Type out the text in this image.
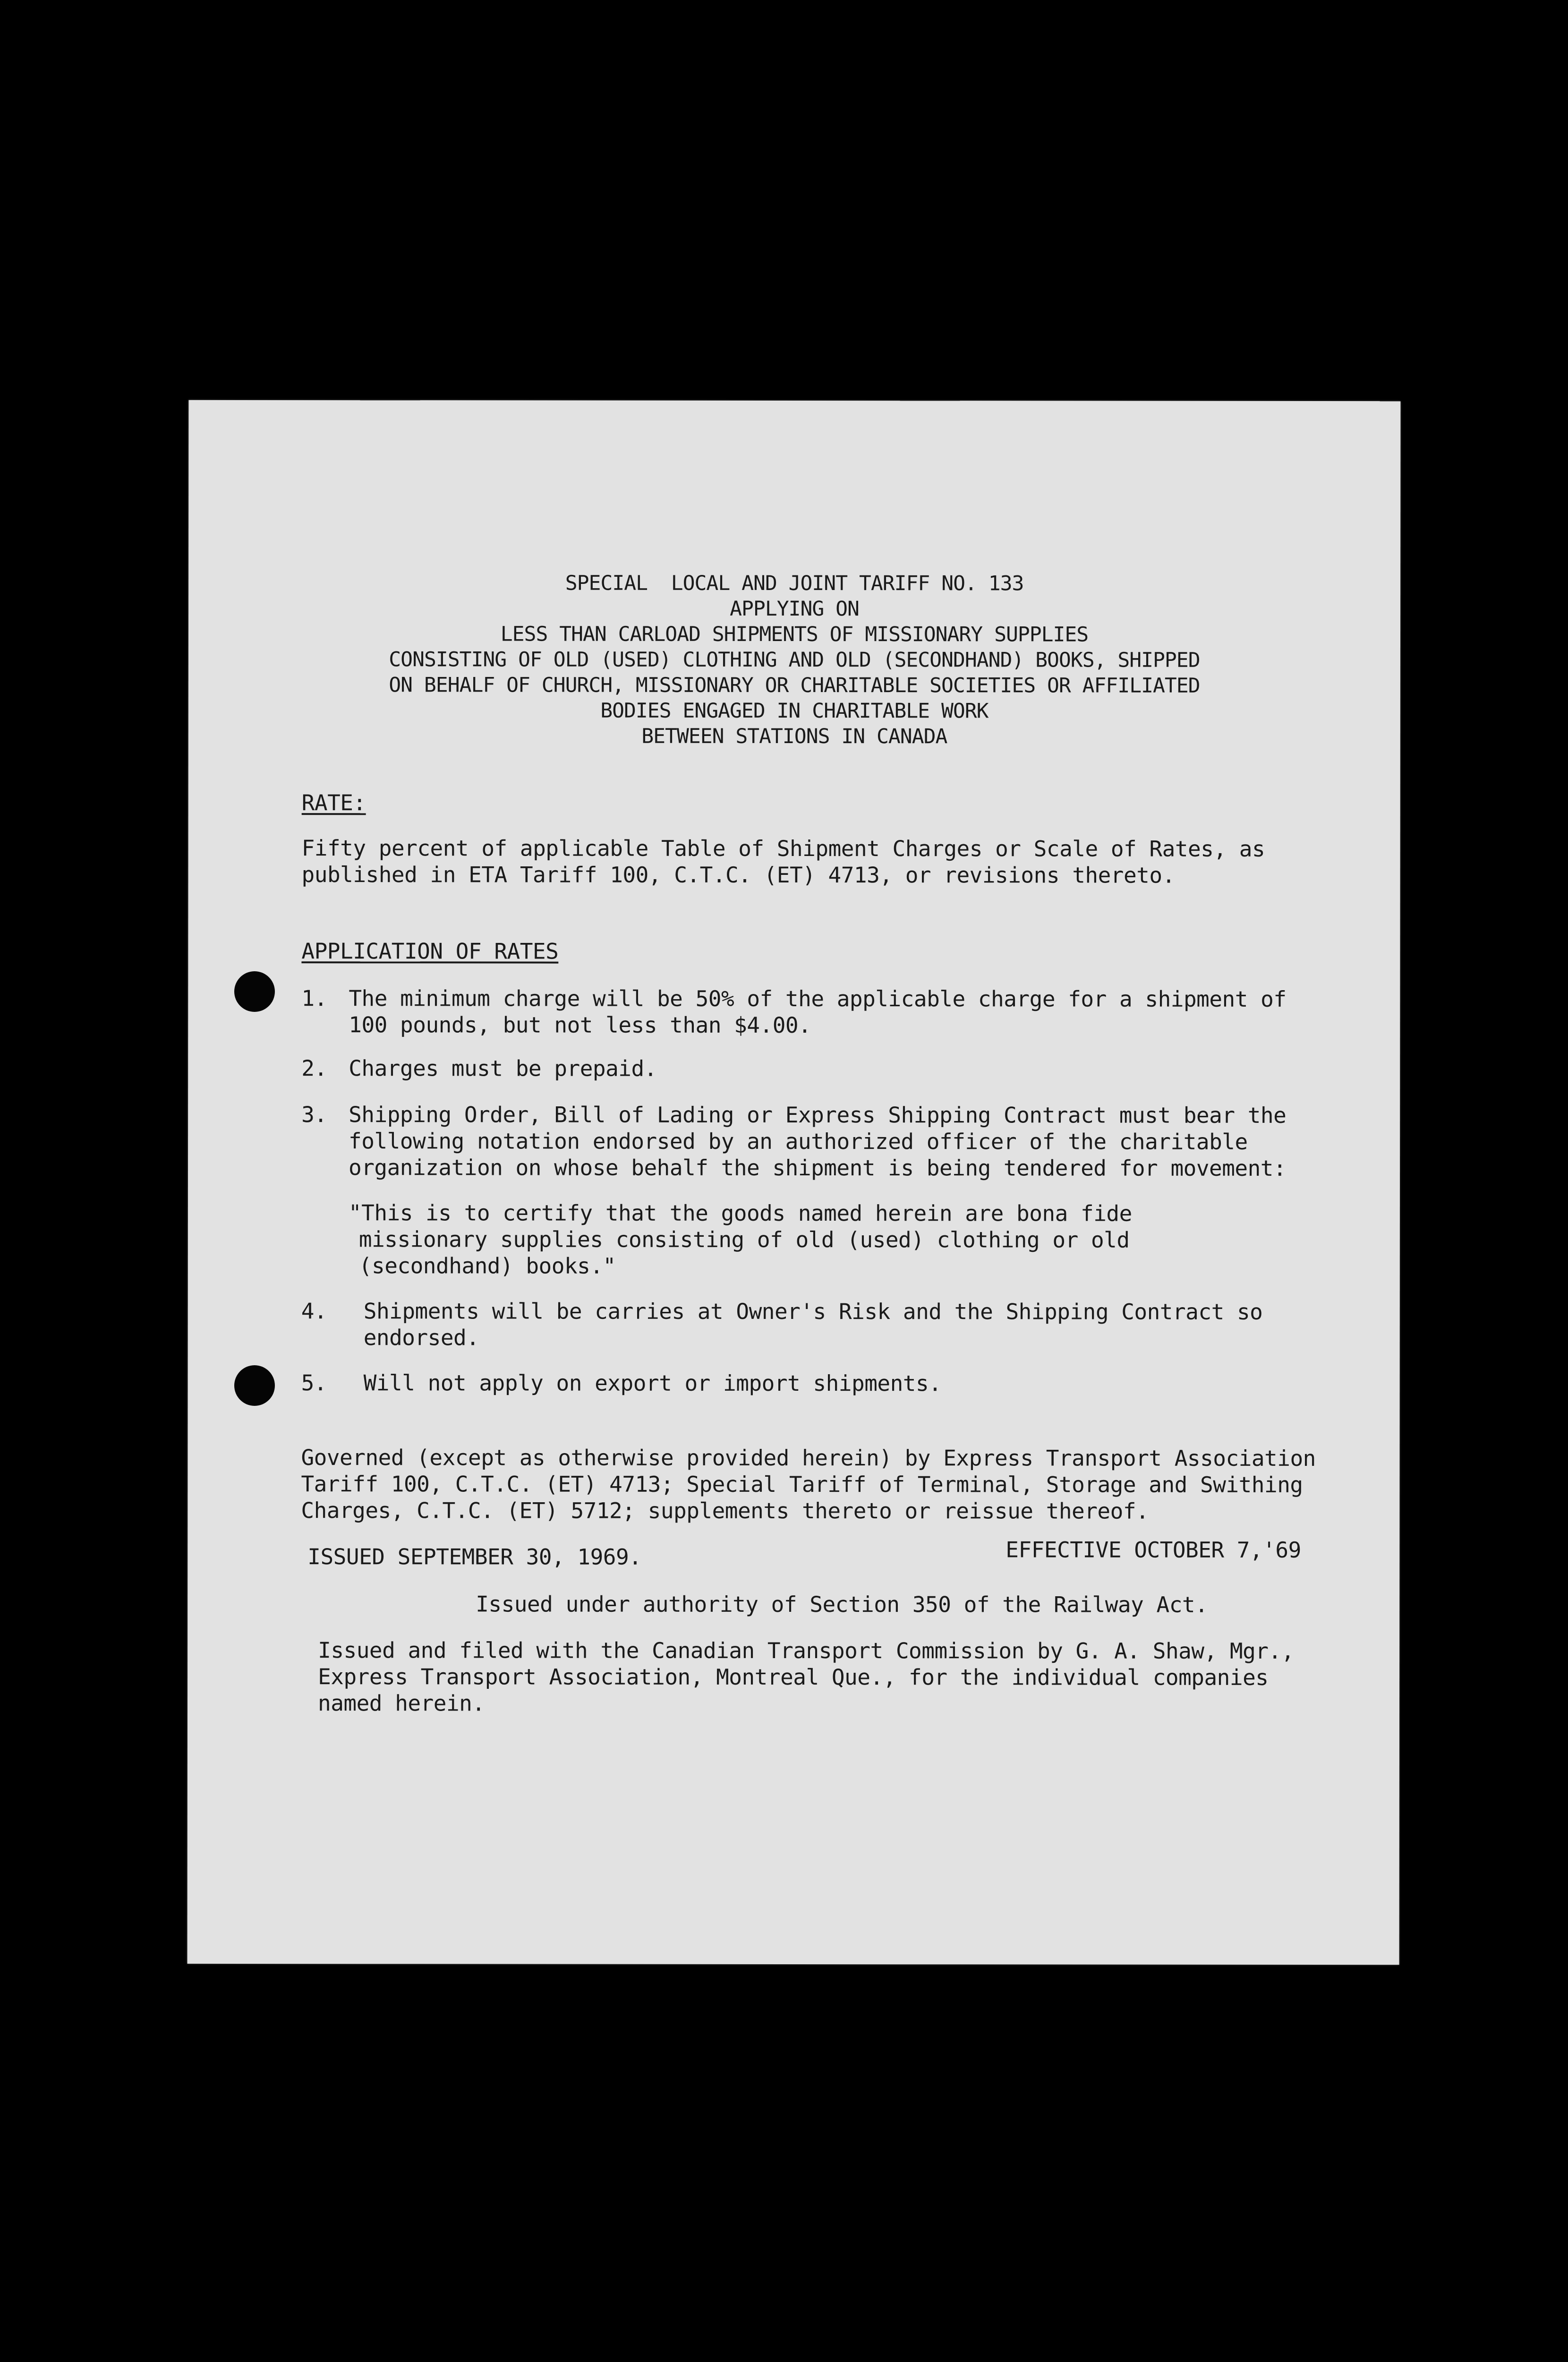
SPECIAL  LOCAL AND JOINT TARIFF NO. 133
APPLYING ON
LESS THAN CARLOAD SHIPMENTS OF MISSIONARY SUPPLIES
CONSISTING OF OLD (USED) CLOTHING AND OLD (SECONDHAND) BOOKS, SHIPPED
ON BEHALF OF CHURCH, MISSIONARY OR CHARITABLE SOCIETIES OR AFFILIATED
BODIES ENGAGED IN CHARITABLE WORK
BETWEEN STATIONS IN CANADA
RATE:
Fifty percent of applicable Table of Shipment Charges or Scale of Rates, as
published in ETA Tariff 100, C.T.C. (ET) 4713, or revisions thereto.
APPLICATION OF RATES
1. The minimum charge will be 50% of the applicable charge for a shipment of
100 pounds, but not less than $4.00.
2. Charges must be prepaid.
3. Shipping Order, Bill of Lading or Express Shipping Contract must bear the
following notation endorsed by an authorized officer of the charitable
organization on whose behalf the shipment is being tendered for movement:
"This is to certify that the goods named herein are bona fide
missionary supplies consisting of old (used) clothing or old
(secondhand) books."
4. Shipments will be carries at Owner's Risk and the Shipping Contract so
endorsed.
5. Will not apply on export or import shipments.
Governed (except as otherwise provided herein) by Express Transport Association
Tariff 100, C.T.C. (ET) 4713; Special Tariff of Terminal, Storage and Swithing
Charges, C.T.C. (ET) 5712; supplements thereto or reissue thereof.
ISSUED SEPTEMBER 30, 1969.	EFFECTIVE OCTOBER 7,'69
Issued under authority of Section 350 of the Railway Act.
Issued and filed with the Canadian Transport Commission by G. A. Shaw, Mgr.,
Express Transport Association, Montreal Que., for the individual companies
named herein.
